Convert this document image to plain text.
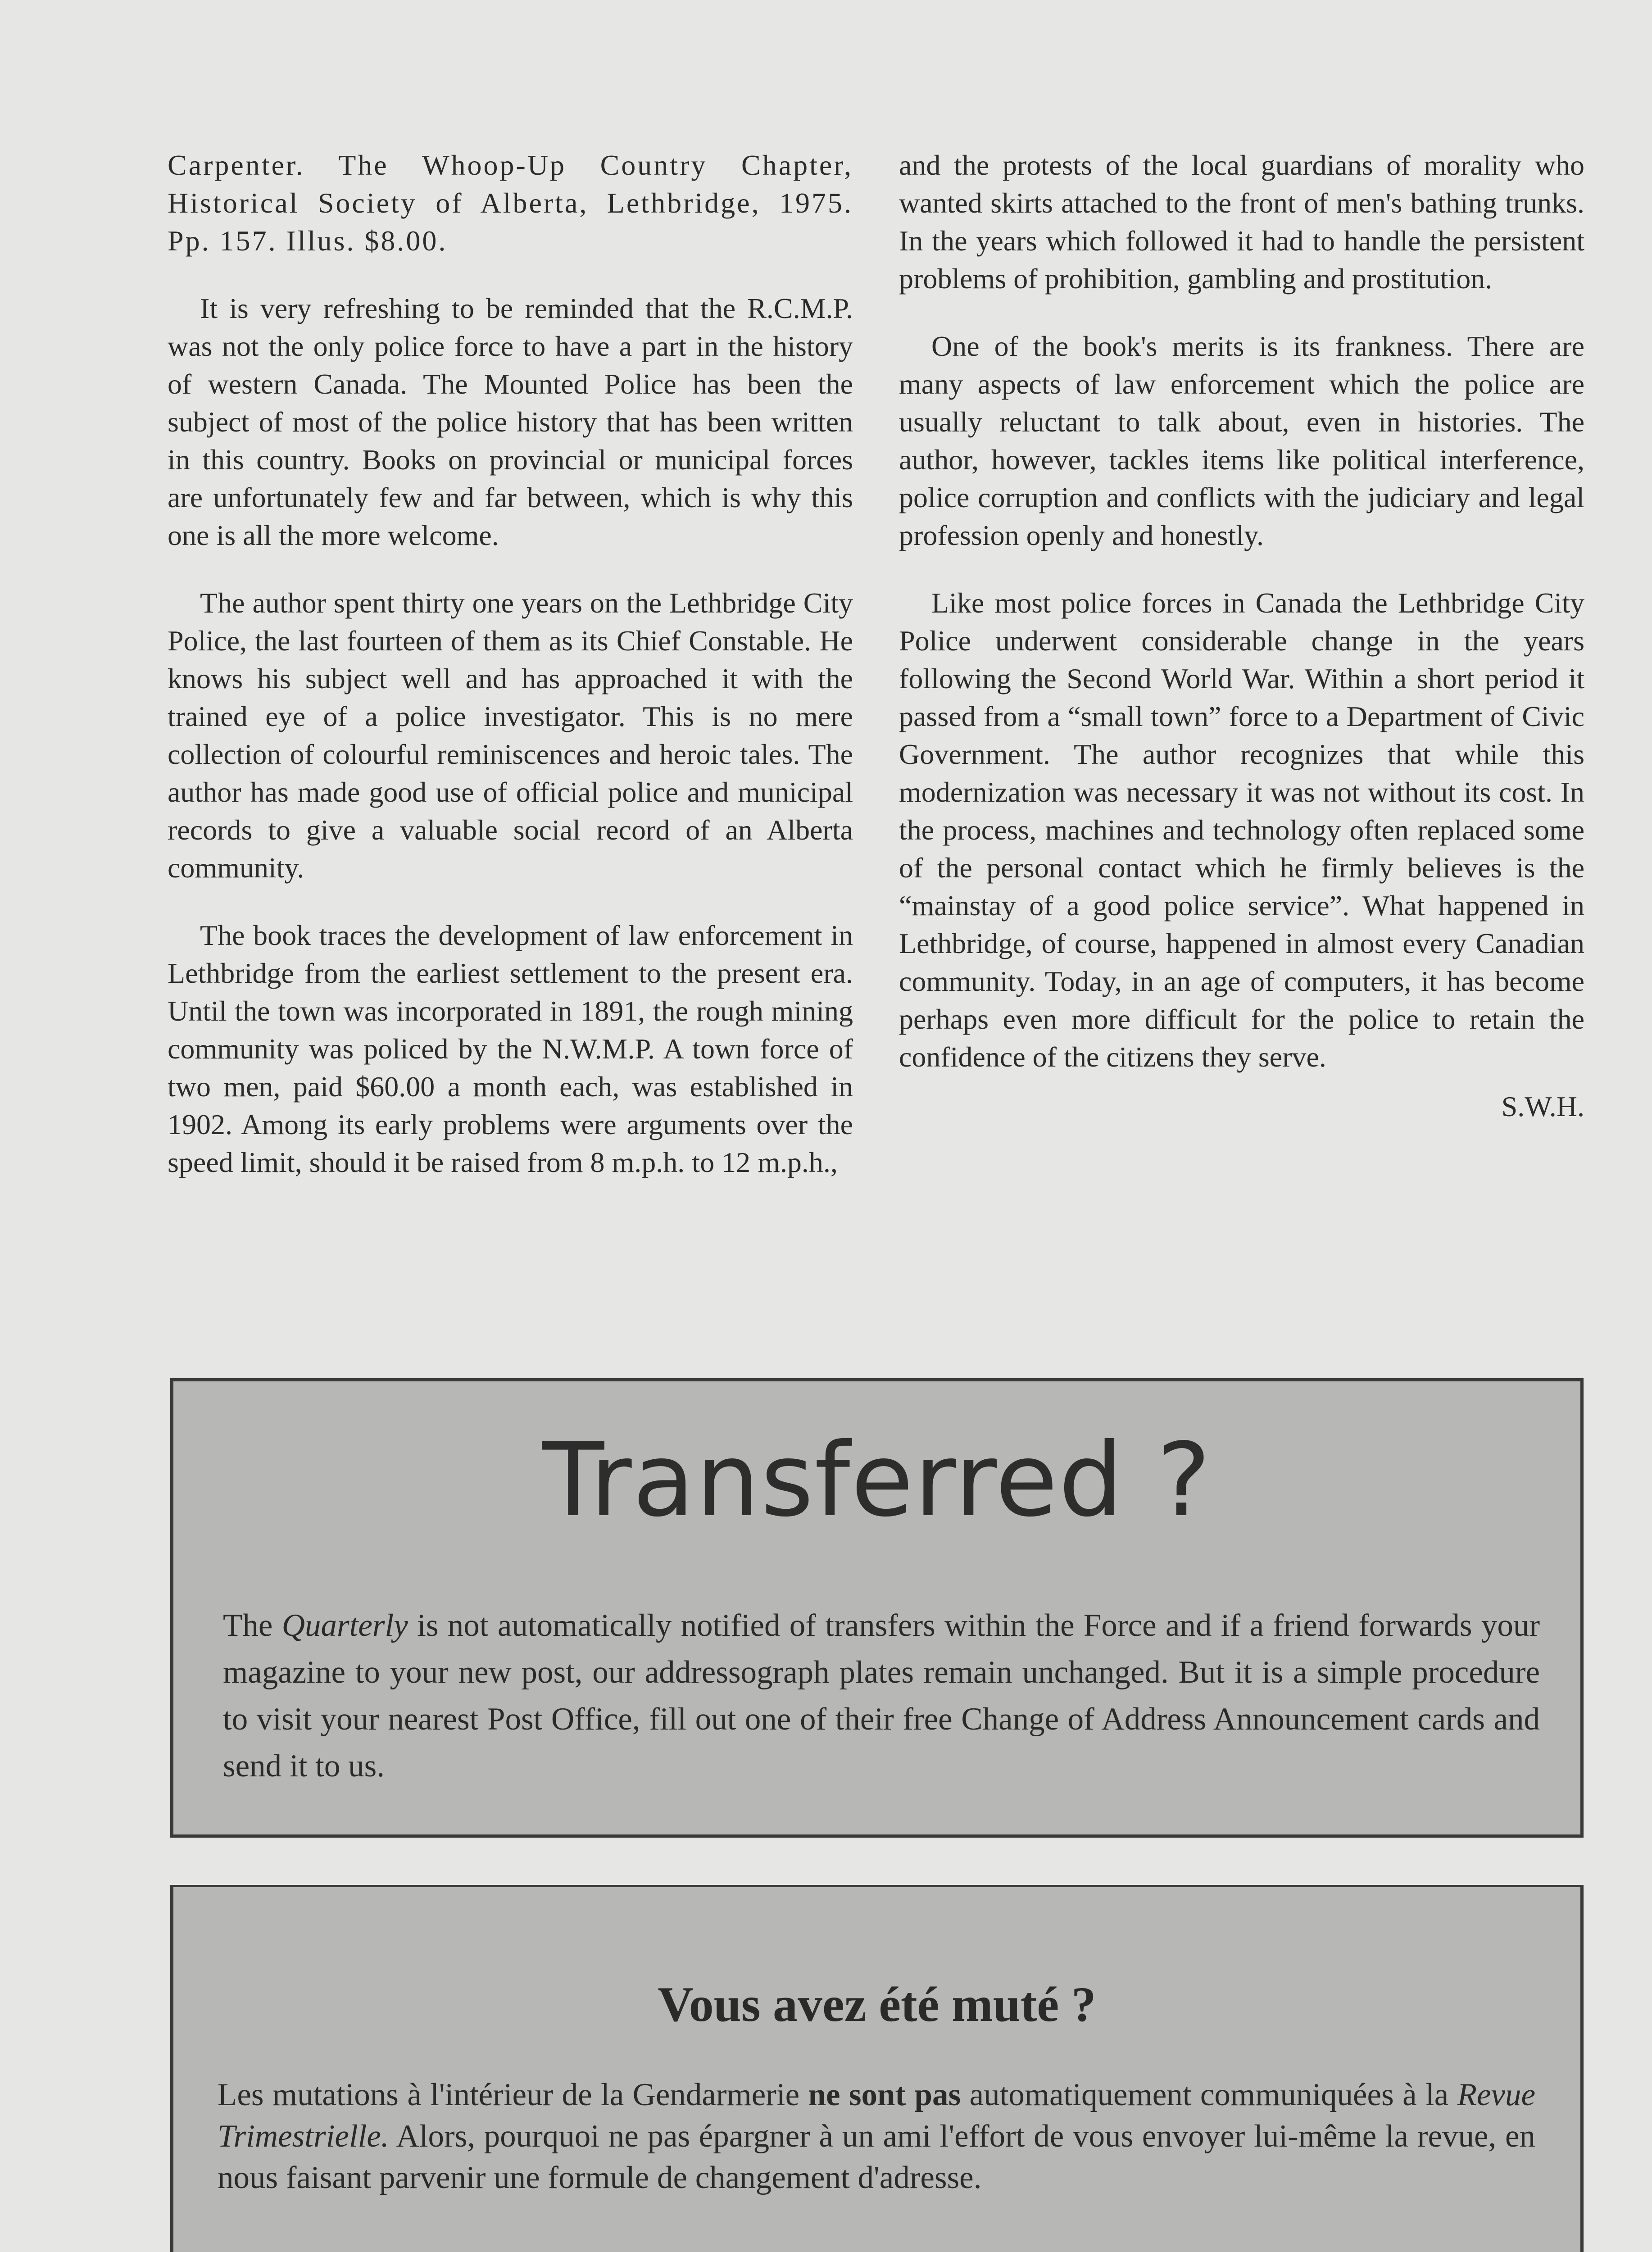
Carpenter. The Whoop-Up Country Chapter, Historical Society of Alberta, Lethbridge, 1975. Pp. 157. Illus. $8.00.

It is very refreshing to be reminded that the R.C.M.P. was not the only police force to have a part in the history of western Canada. The Mounted Police has been the subject of most of the police history that has been written in this country. Books on provincial or municipal forces are unfortunately few and far between, which is why this one is all the more welcome.

The author spent thirty one years on the Lethbridge City Police, the last fourteen of them as its Chief Constable. He knows his subject well and has approached it with the trained eye of a police investigator. This is no mere collection of colourful reminiscences and heroic tales. The author has made good use of official police and municipal records to give a valuable social record of an Alberta community.

The book traces the development of law enforcement in Lethbridge from the earliest settlement to the present era. Until the town was incorporated in 1891, the rough mining community was policed by the N.W.M.P. A town force of two men, paid $60.00 a month each, was established in 1902. Among its early problems were arguments over the speed limit, should it be raised from 8 m.p.h. to 12 m.p.h.,

and the protests of the local guardians of morality who wanted skirts attached to the front of men's bathing trunks. In the years which followed it had to handle the persistent problems of prohibition, gambling and prostitution.

One of the book's merits is its frankness. There are many aspects of law enforcement which the police are usually reluctant to talk about, even in histories. The author, however, tackles items like political interference, police corruption and conflicts with the judiciary and legal profession openly and honestly.

Like most police forces in Canada the Lethbridge City Police underwent considerable change in the years following the Second World War. Within a short period it passed from a “small town” force to a Department of Civic Government. The author recognizes that while this modernization was necessary it was not without its cost. In the process, machines and technology often replaced some of the personal contact which he firmly believes is the “mainstay of a good police service”. What happened in Lethbridge, of course, happened in almost every Canadian community. Today, in an age of computers, it has become perhaps even more difficult for the police to retain the confidence of the citizens they serve.

S.W.H.

Transferred ?
The Quarterly is not automatically notified of transfers within the Force and if a friend forwards your magazine to your new post, our addressograph plates remain unchanged. But it is a simple procedure to visit your nearest Post Office, fill out one of their free Change of Address Announcement cards and send it to us.
Vous avez été muté ?
Les mutations à l'intérieur de la Gendarmerie ne sont pas automatiquement communiquées à la Revue Trimestrielle. Alors, pourquoi ne pas épargner à un ami l'effort de vous envoyer lui-même la revue, en nous faisant parvenir une formule de changement d'adresse.
